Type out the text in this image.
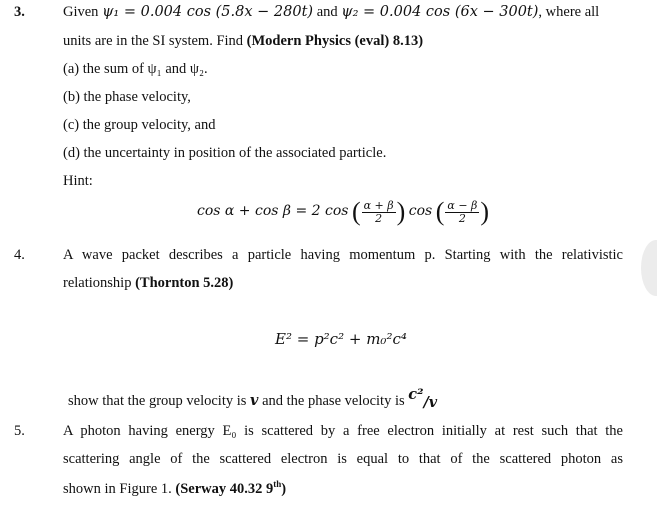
3.	Given ψ₁ = 0.004 cos (5.8x − 280t) and ψ₂ = 0.004 cos (6x − 300t), where all
units are in the SI system. Find (Modern Physics (eval) 8.13)
(a) the sum of ψ₁ and ψ₂.
(b) the phase velocity,
(c) the group velocity, and
(d) the uncertainty in position of the associated particle.
Hint:
cos α + cos β = 2 cos ( $\frac{\alpha + \beta}{2}$ ) cos ( $\frac{\alpha - \beta}{2}$ )
4.	A wave packet describes a particle having momentum p. Starting with the relativistic
relationship (Thornton 5.28)
E² = p²c² + m₀²c⁴
show that the group velocity is v and the phase velocity is c²/v
5.	A photon having energy E₀ is scattered by a free electron initially at rest such that the
scattering angle of the scattered electron is equal to that of the scattered photon as
shown in Figure 1. (Serway 40.32 9th)
